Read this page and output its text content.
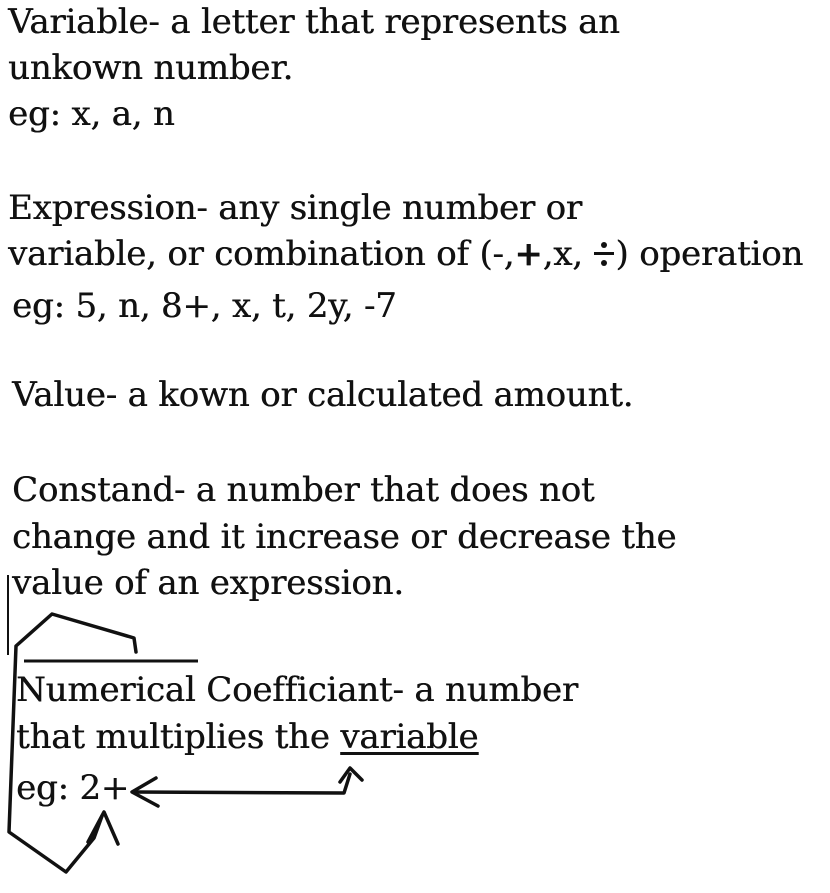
Variable- a letter that represents an
unkown number.
eg: x, a, n
Expression- any single number or
variable, or combination of (-,+,x,
) operation
eg: 5, n, 8+, x, t, 2y, -7
Value- a kown or calculated amount.
Constand- a number that does not
change and it increase or decrease the
value of an expression.
Numerical Coefficiant- a number
that multiplies the variable
eg: 2+
